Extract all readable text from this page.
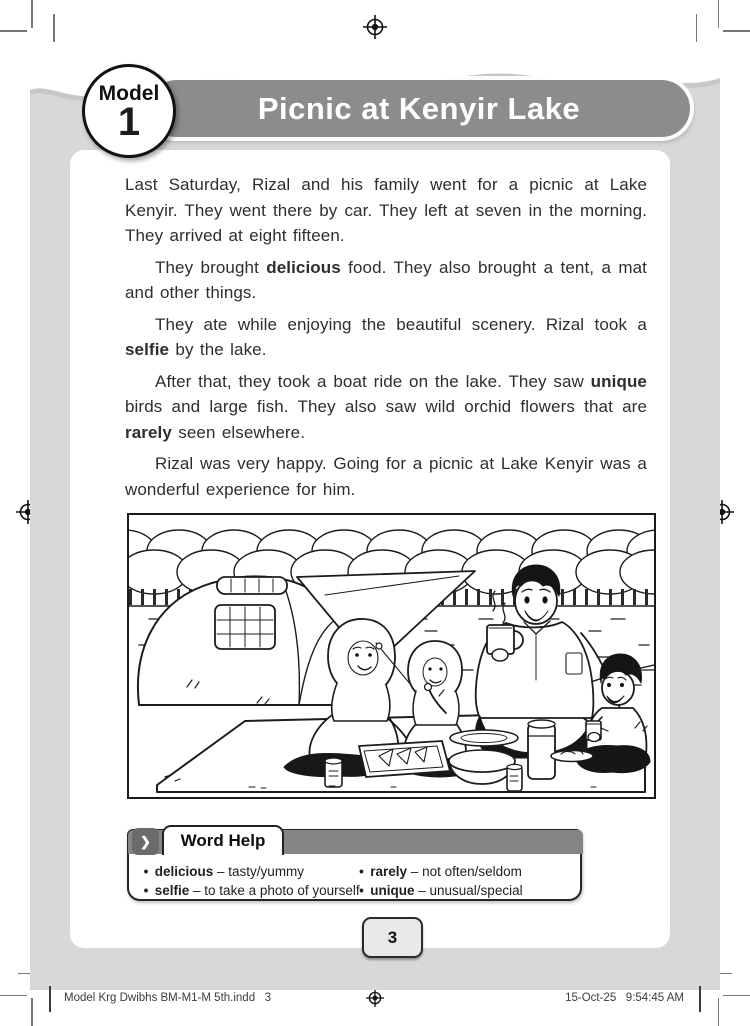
Picnic at Kenyir Lake
Model
1

Last Saturday, Rizal and his family went for a picnic at Lake Kenyir. They went there by car. They left at seven in the morning. They arrived at eight fifteen.

They brought delicious food. They also brought a tent, a mat and other things.

They ate while enjoying the beautiful scenery. Rizal took a selfie by the lake.

After that, they took a boat ride on the lake. They saw unique birds and large fish. They also saw wild orchid flowers that are rarely seen elsewhere.

Rizal was very happy. Going for a picnic at Lake Kenyir was a wonderful experience for him.

❯	Word Help
• delicious – tasty/yummy
• selfie – to take a photo of yourself
• rarely – not often/seldom
• unique – unusual/special
3
Model Krg Dwibhs BM-M1-M 5th.indd   3	15-Oct-25   9:54:45 AM
